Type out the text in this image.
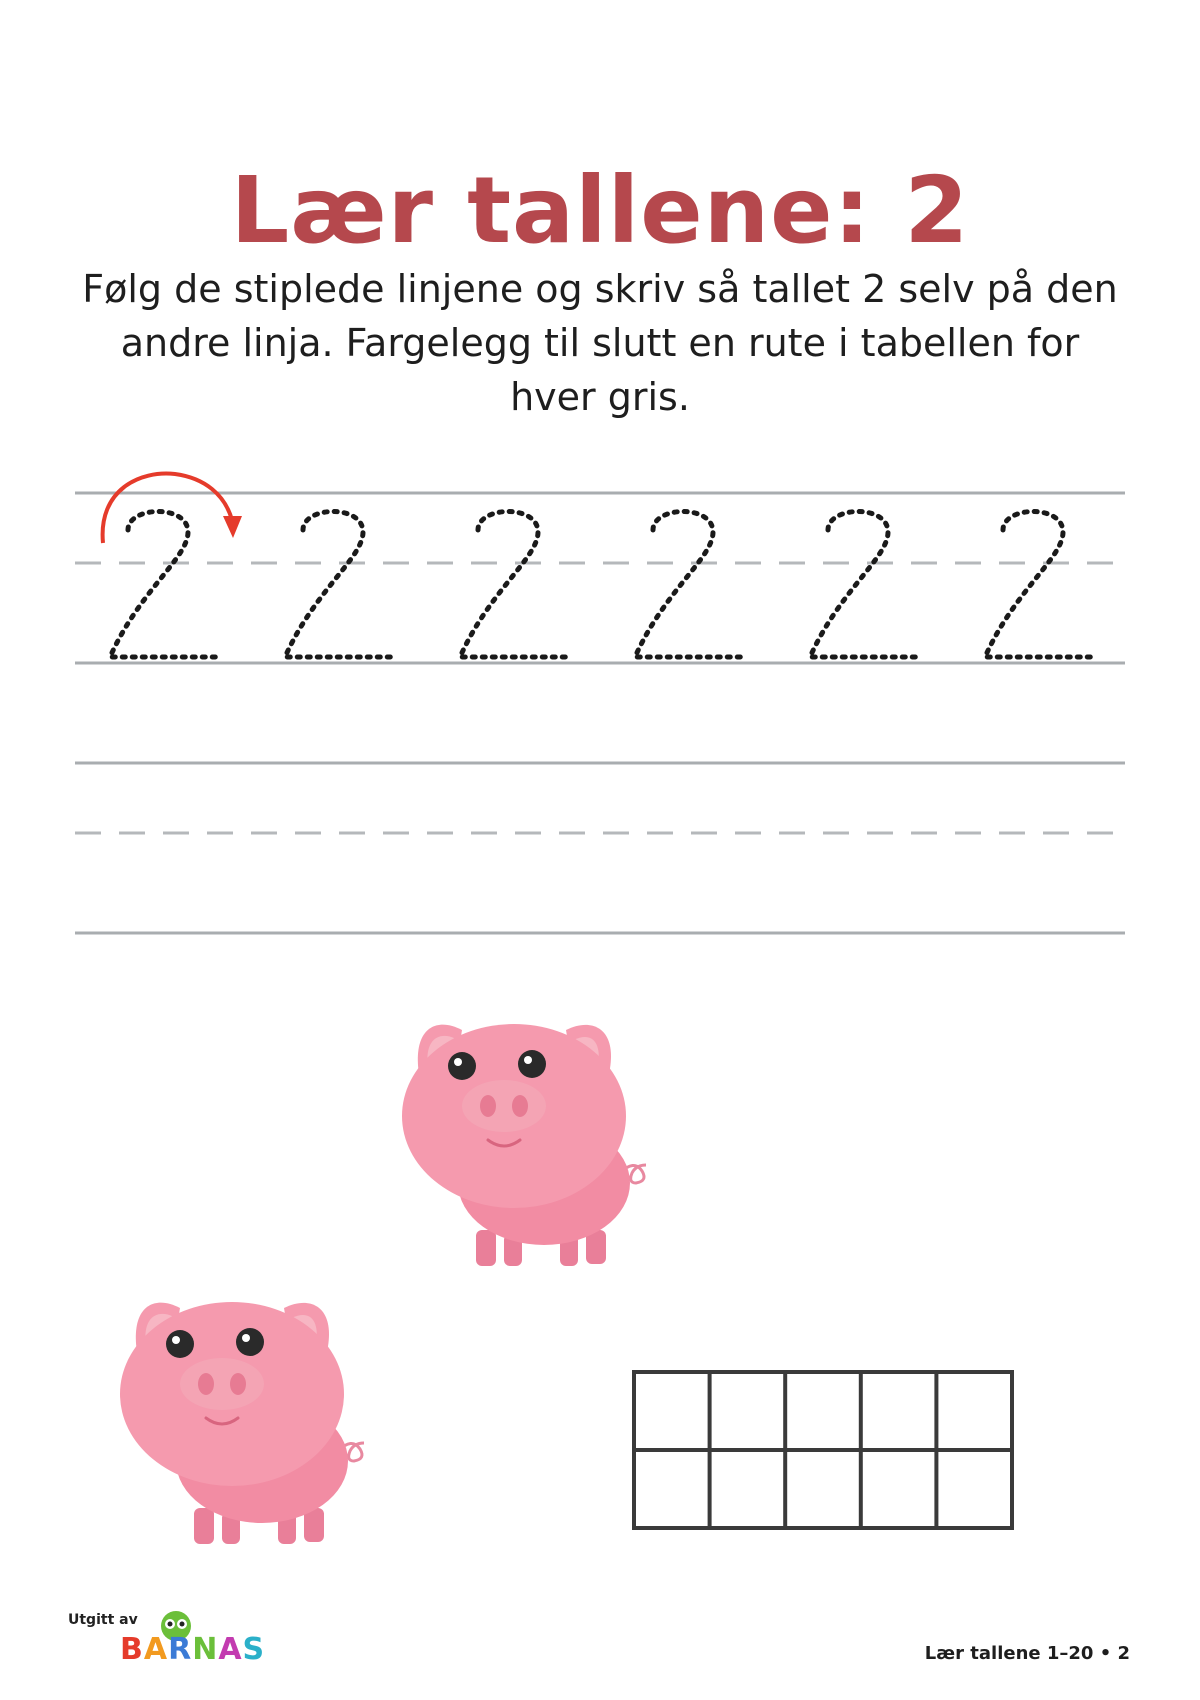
Lær tallene: 2
Følg de stiplede linjene og skriv så tallet 2 selv på den andre linja. Fargelegg til slutt en rute i tabellen for hver gris.
Utgitt av
BARNAS	Lær tallene 1–20 • 2
